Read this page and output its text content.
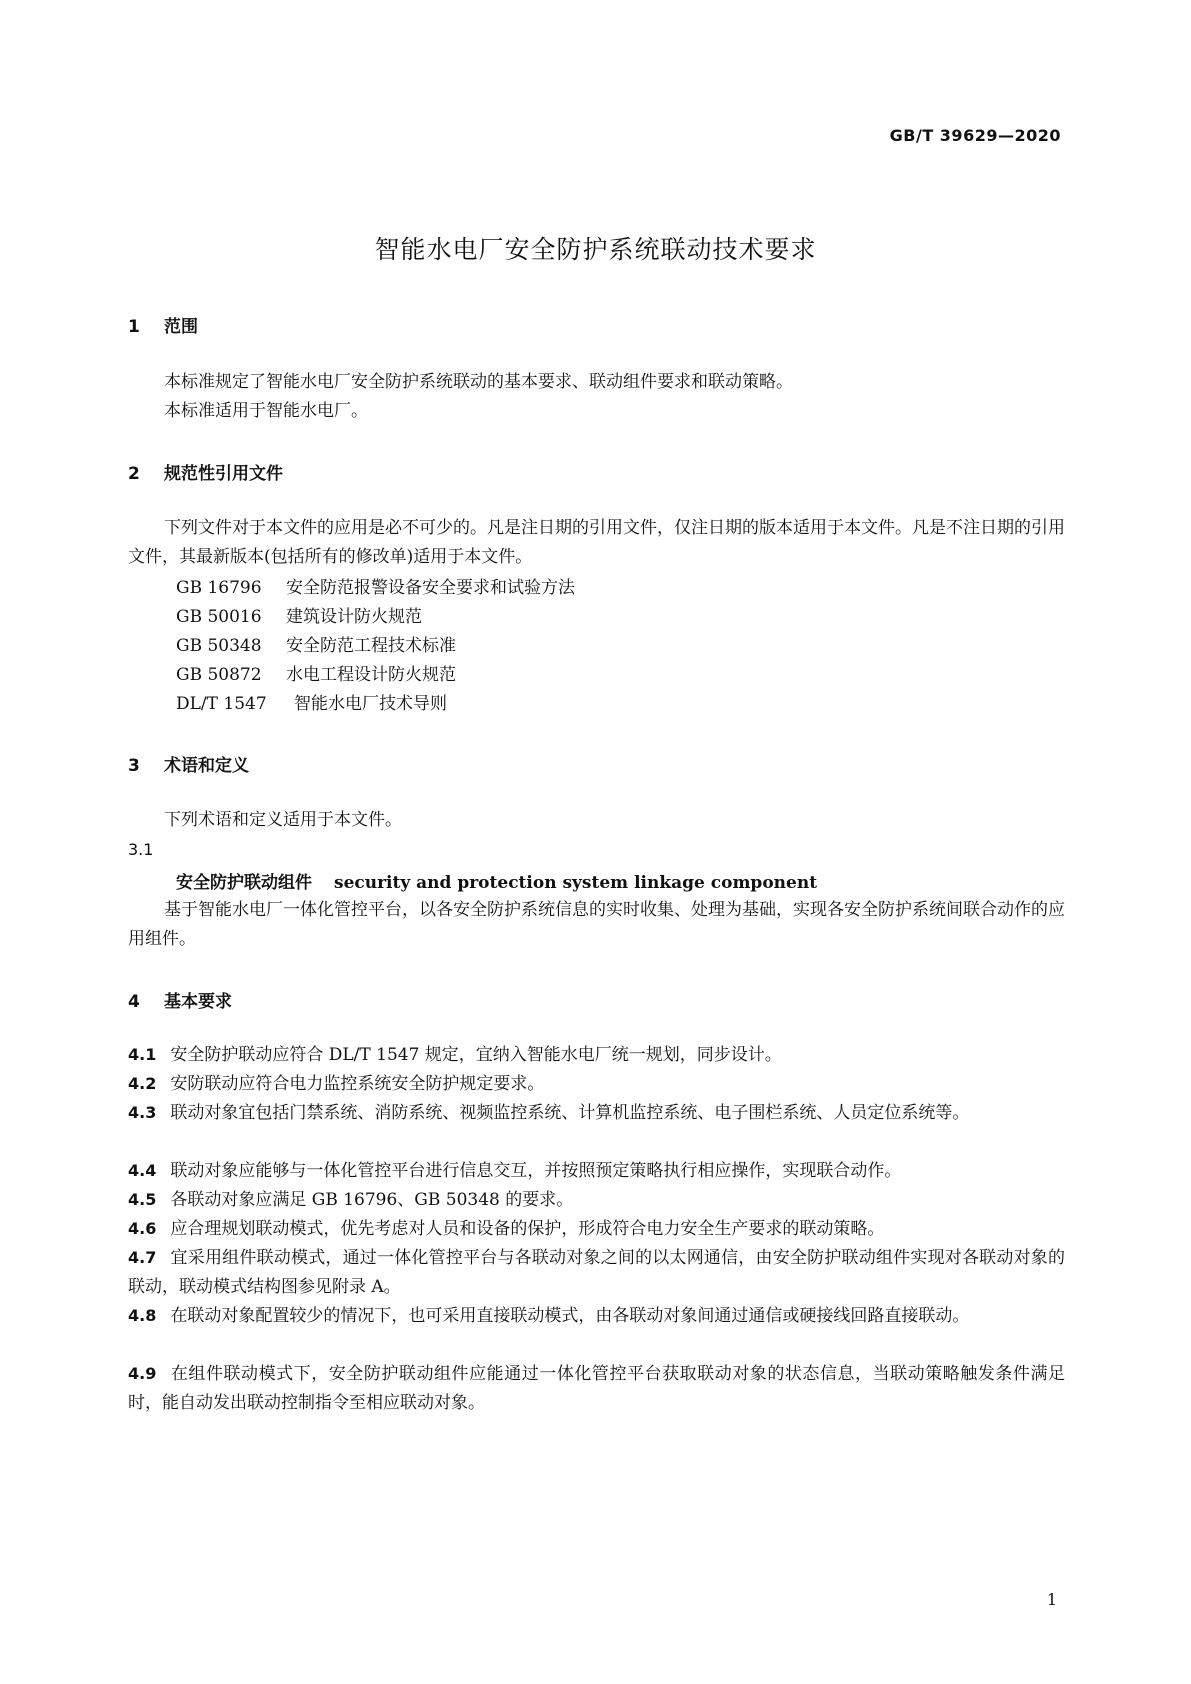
GB/T 39629—2020
智能水电厂安全防护系统联动技术要求
1 范围
本标准规定了智能水电厂安全防护系统联动的基本要求、联动组件要求和联动策略。
本标准适用于智能水电厂。
2 规范性引用文件
下列文件对于本文件的应用是必不可少的。凡是注日期的引用文件，仅注日期的版本适用于本文件。凡是不注日期的引用文件，其最新版本(包括所有的修改单)适用于本文件。
GB 16796 安全防范报警设备安全要求和试验方法
GB 50016 建筑设计防火规范
GB 50348 安全防范工程技术标准
GB 50872 水电工程设计防火规范
DL/T 1547 智能水电厂技术导则
3 术语和定义
下列术语和定义适用于本文件。
3.1
安全防护联动组件 security and protection system linkage component
基于智能水电厂一体化管控平台，以各安全防护系统信息的实时收集、处理为基础，实现各安全防护系统间联合动作的应用组件。
4 基本要求
4.1 安全防护联动应符合 DL/T 1547 规定，宜纳入智能水电厂统一规划，同步设计。
4.2 安防联动应符合电力监控系统安全防护规定要求。
4.3 联动对象宜包括门禁系统、消防系统、视频监控系统、计算机监控系统、电子围栏系统、人员定位系统等。
4.4 联动对象应能够与一体化管控平台进行信息交互，并按照预定策略执行相应操作，实现联合动作。
4.5 各联动对象应满足 GB 16796、GB 50348 的要求。
4.6 应合理规划联动模式，优先考虑对人员和设备的保护，形成符合电力安全生产要求的联动策略。
4.7 宜采用组件联动模式，通过一体化管控平台与各联动对象之间的以太网通信，由安全防护联动组件实现对各联动对象的联动，联动模式结构图参见附录 A。
4.8 在联动对象配置较少的情况下，也可采用直接联动模式，由各联动对象间通过通信或硬接线回路直接联动。
4.9 在组件联动模式下，安全防护联动组件应能通过一体化管控平台获取联动对象的状态信息，当联动策略触发条件满足时，能自动发出联动控制指令至相应联动对象。
1
